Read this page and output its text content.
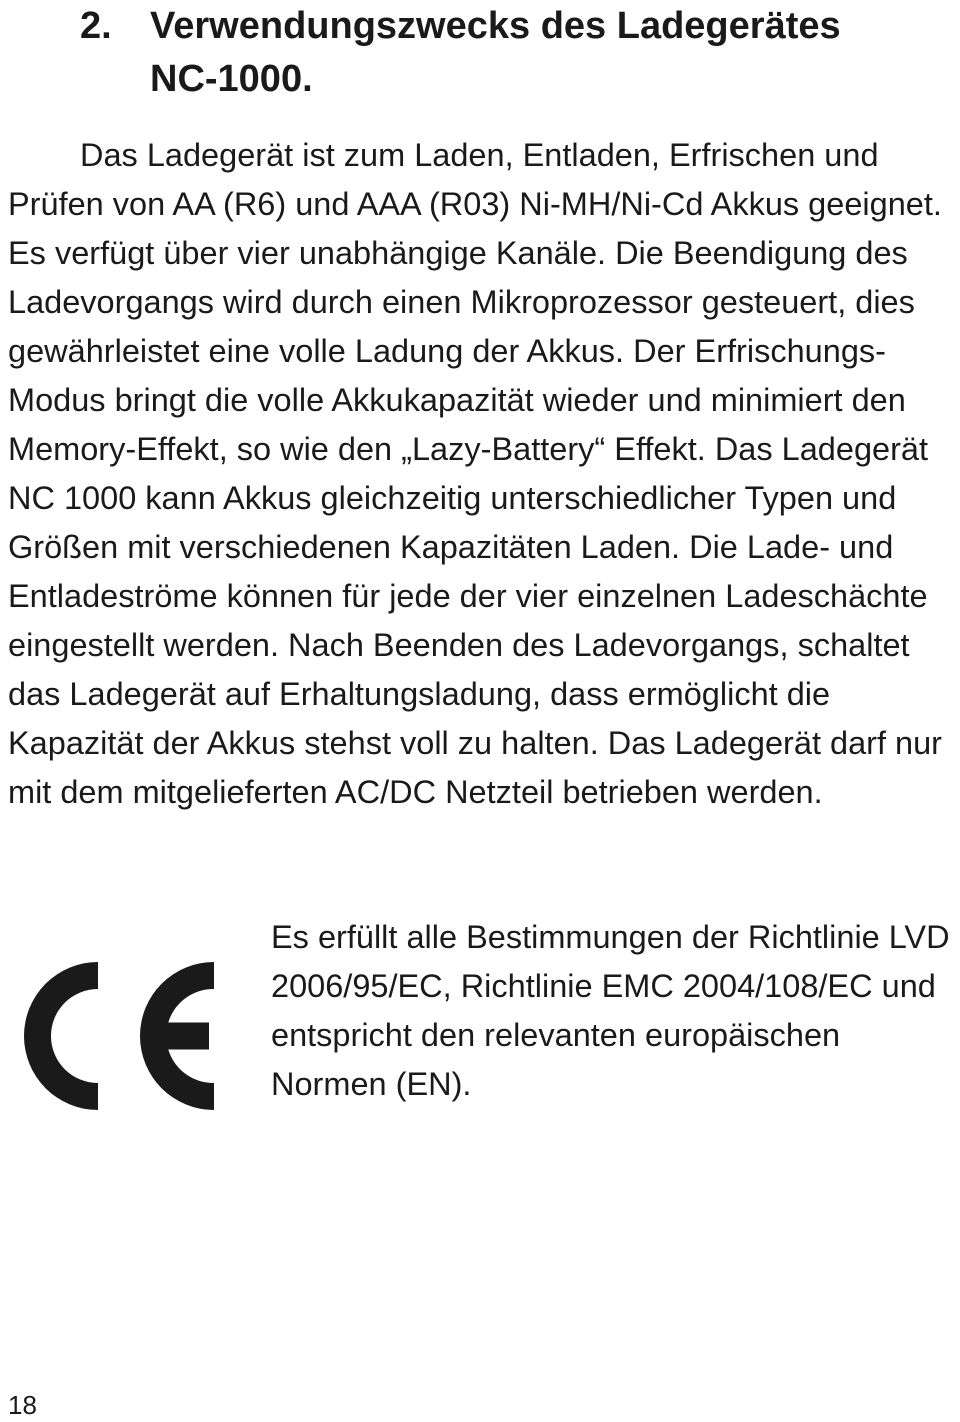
2. Verwendungszwecks des Ladegerätes
NC-1000.

Das Ladegerät ist zum Laden, Entladen, Erfrischen und Prüfen von AA (R6) und AAA (R03) Ni-MH/Ni-Cd Akkus geeignet. Es verfügt über vier unabhängige Kanäle. Die Beendigung des Ladevorgangs wird durch einen Mikroprozessor gesteuert, dies gewährleistet eine volle Ladung der Akkus. Der Erfrischungs-Modus bringt die volle Akkukapazität wieder und minimiert den Memory-Effekt, so wie den „Lazy-Battery“ Effekt. Das Ladegerät NC 1000 kann Akkus gleichzeitig unterschiedlicher Typen und Größen mit verschiedenen Kapazitäten Laden. Die Lade- und Entladeströme können für jede der vier einzelnen Ladeschächte eingestellt werden. Nach Beenden des Ladevorgangs, schaltet das Ladegerät auf Erhaltungsladung, dass ermöglicht die Kapazität der Akkus stehst voll zu halten. Das Ladegerät darf nur mit dem mitgelieferten AC/DC Netzteil betrieben werden.

Es erfüllt alle Bestimmungen der Richtlinie LVD 2006/95/EC, Richtlinie EMC 2004/108/EC und entspricht den relevanten europäischen Normen (EN).

18
